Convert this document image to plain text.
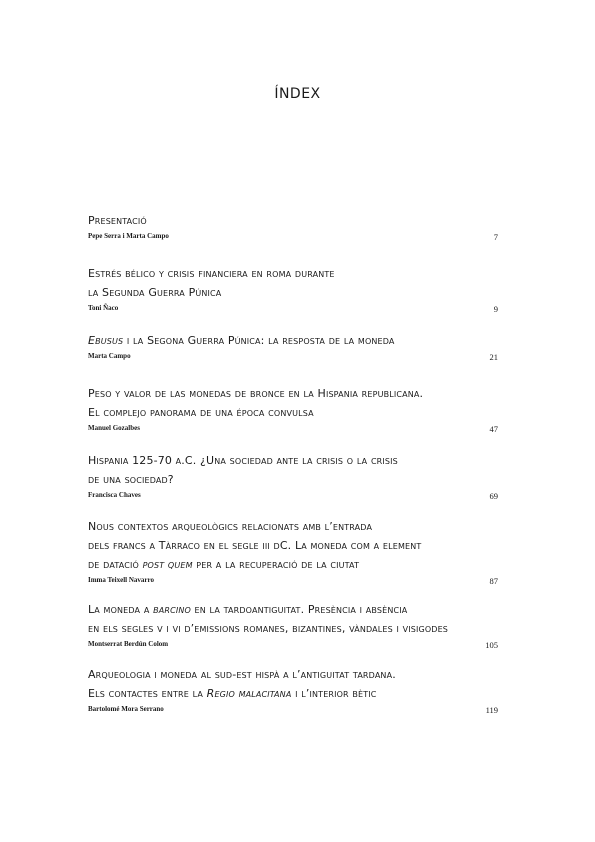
ÍNDEX
Presentació
Pepe Serra i Marta Campo	7
Estrés bélico y crisis financiera en roma durante
la Segunda Guerra Púnica
Toni Ñaco	9
Ebusus i la Segona Guerra Púnica: la resposta de la moneda
Marta Campo	21
Peso y valor de las monedas de bronce en la Hispania republicana.
El complejo panorama de una época convulsa
Manuel Gozalbes	47
Hispania 125-70 a.C. ¿Una sociedad ante la crisis o la crisis
de una sociedad?
Francisca Chaves	69
Nous contextos arqueològics relacionats amb l’entrada
dels francs a Tàrraco en el segle iii dC. La moneda com a element
de datació post quem per a la recuperació de la ciutat
Imma Teixell Navarro	87
La moneda a barcino en la tardoantiguitat. Presència i absència
en els segles v i vi d’emissions romanes, bizantines, vàndales i visigodes
Montserrat Berdún Colom	105
Arqueologia i moneda al sud-est hispà a l’antiguitat tardana.
Els contactes entre la Regio malacitana i l’interior bètic
Bartolomé Mora Serrano	119
